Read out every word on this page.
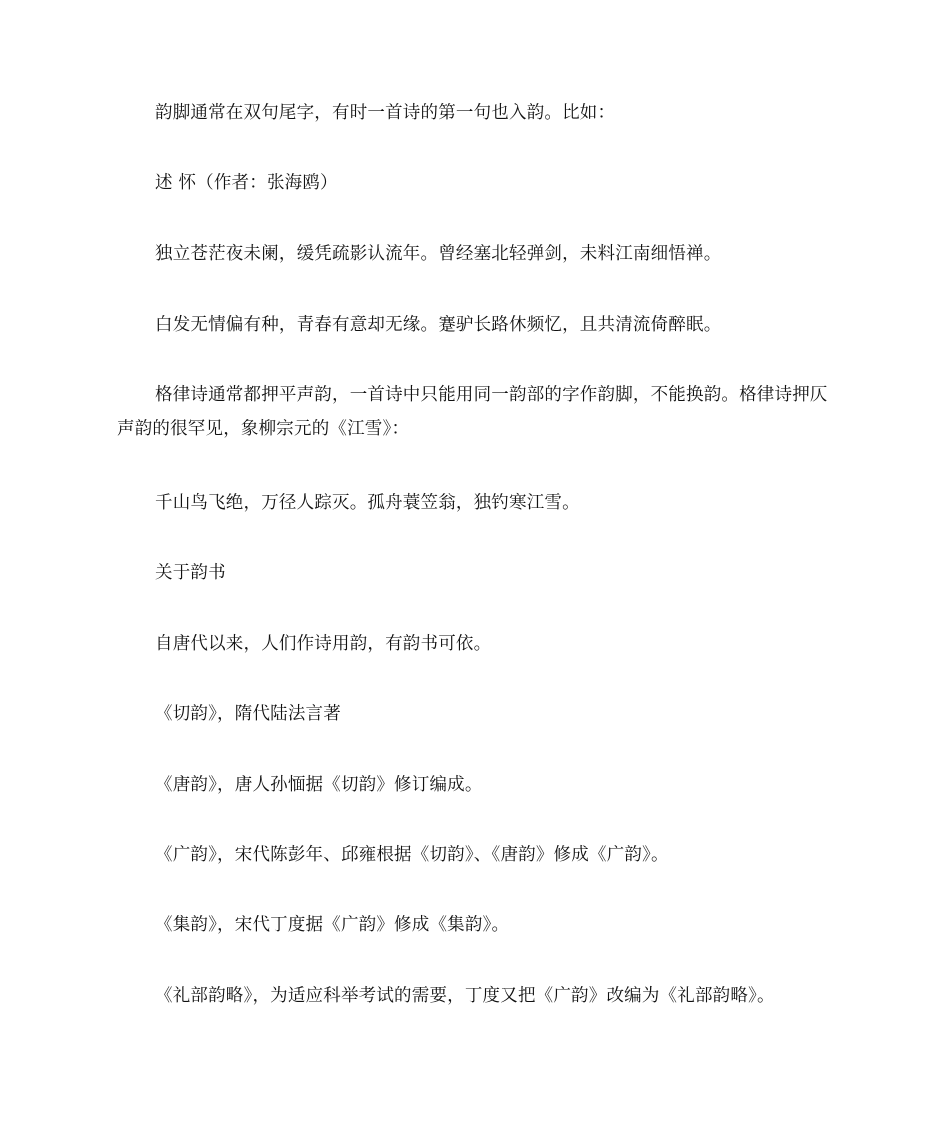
韵脚通常在双句尾字，有时一首诗的第一句也入韵。比如：

述 怀（作者：张海鸥）

独立苍茫夜未阑，缓凭疏影认流年。曾经塞北轻弹剑，未料江南细悟禅。

白发无情偏有种，青春有意却无缘。蹇驴长路休频忆，且共清流倚醉眠。

格律诗通常都押平声韵，一首诗中只能用同一韵部的字作韵脚，不能换韵。格律诗押仄声韵的很罕见，象柳宗元的《江雪》：

千山鸟飞绝，万径人踪灭。孤舟蓑笠翁，独钓寒江雪。

关于韵书

自唐代以来，人们作诗用韵，有韵书可依。

《切韵》，隋代陆法言著

《唐韵》，唐人孙愐据《切韵》修订编成。

《广韵》，宋代陈彭年、邱雍根据《切韵》、《唐韵》修成《广韵》。

《集韵》，宋代丁度据《广韵》修成《集韵》。

《礼部韵略》，为适应科举考试的需要，丁度又把《广韵》改编为《礼部韵略》。
